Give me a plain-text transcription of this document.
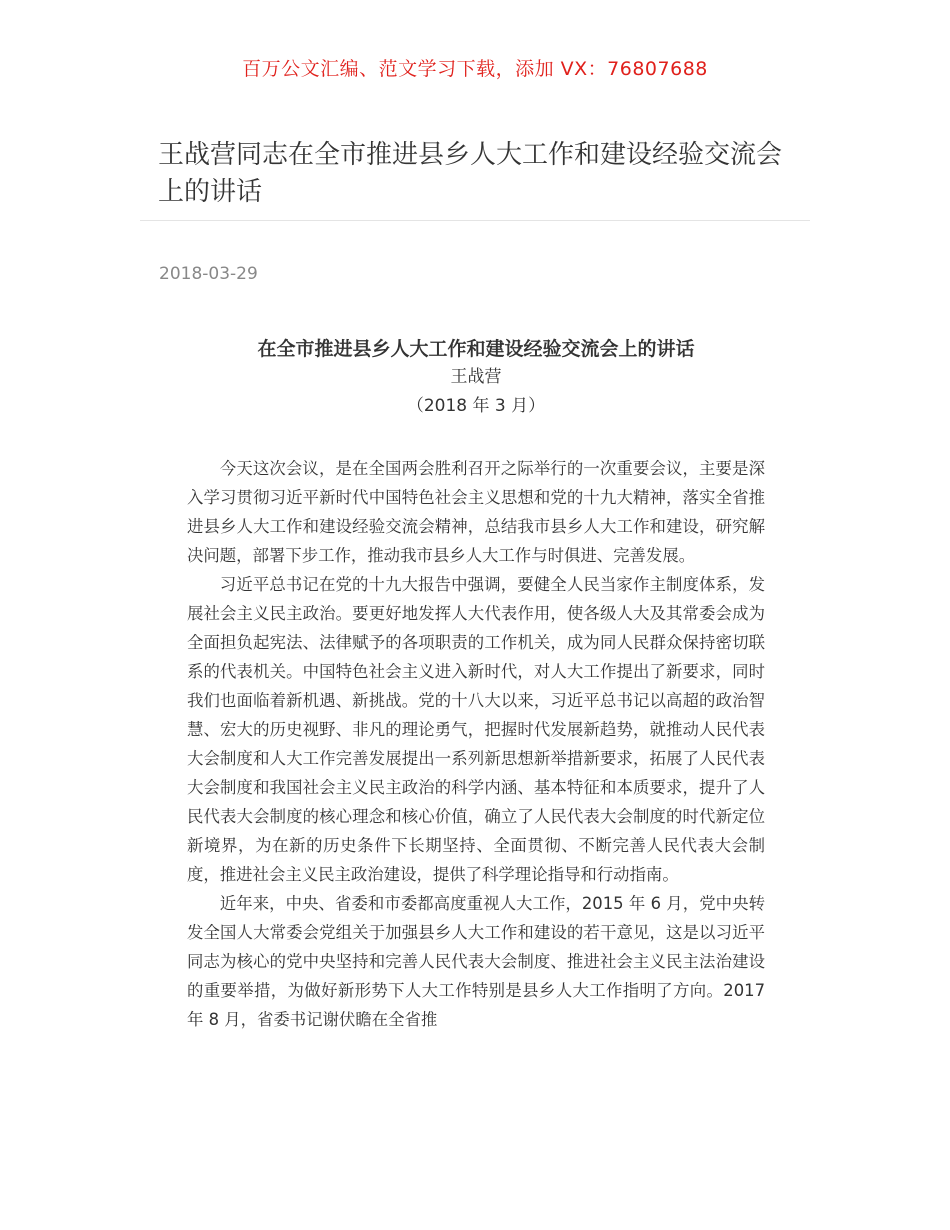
百万公文汇编、范文学习下载，添加 VX：76807688
王战营同志在全市推进县乡人大工作和建设经验交流会上的讲话
2018-03-29
在全市推进县乡人大工作和建设经验交流会上的讲话

王战营

（2018 年 3 月）

今天这次会议，是在全国两会胜利召开之际举行的一次重要会议，主要是深入学习贯彻习近平新时代中国特色社会主义思想和党的十九大精神，落实全省推进县乡人大工作和建设经验交流会精神，总结我市县乡人大工作和建设，研究解决问题，部署下步工作，推动我市县乡人大工作与时俱进、完善发展。

习近平总书记在党的十九大报告中强调，要健全人民当家作主制度体系，发展社会主义民主政治。要更好地发挥人大代表作用，使各级人大及其常委会成为全面担负起宪法、法律赋予的各项职责的工作机关，成为同人民群众保持密切联系的代表机关。中国特色社会主义进入新时代，对人大工作提出了新要求，同时我们也面临着新机遇、新挑战。党的十八大以来，习近平总书记以高超的政治智慧、宏大的历史视野、非凡的理论勇气，把握时代发展新趋势，就推动人民代表大会制度和人大工作完善发展提出一系列新思想新举措新要求，拓展了人民代表大会制度和我国社会主义民主政治的科学内涵、基本特征和本质要求，提升了人民代表大会制度的核心理念和核心价值，确立了人民代表大会制度的时代新定位新境界，为在新的历史条件下长期坚持、全面贯彻、不断完善人民代表大会制度，推进社会主义民主政治建设，提供了科学理论指导和行动指南。

近年来，中央、省委和市委都高度重视人大工作，2015 年 6 月，党中央转发全国人大常委会党组关于加强县乡人大工作和建设的若干意见，这是以习近平同志为核心的党中央坚持和完善人民代表大会制度、推进社会主义民主法治建设的重要举措，为做好新形势下人大工作特别是县乡人大工作指明了方向。2017 年 8 月，省委书记谢伏瞻在全省推
